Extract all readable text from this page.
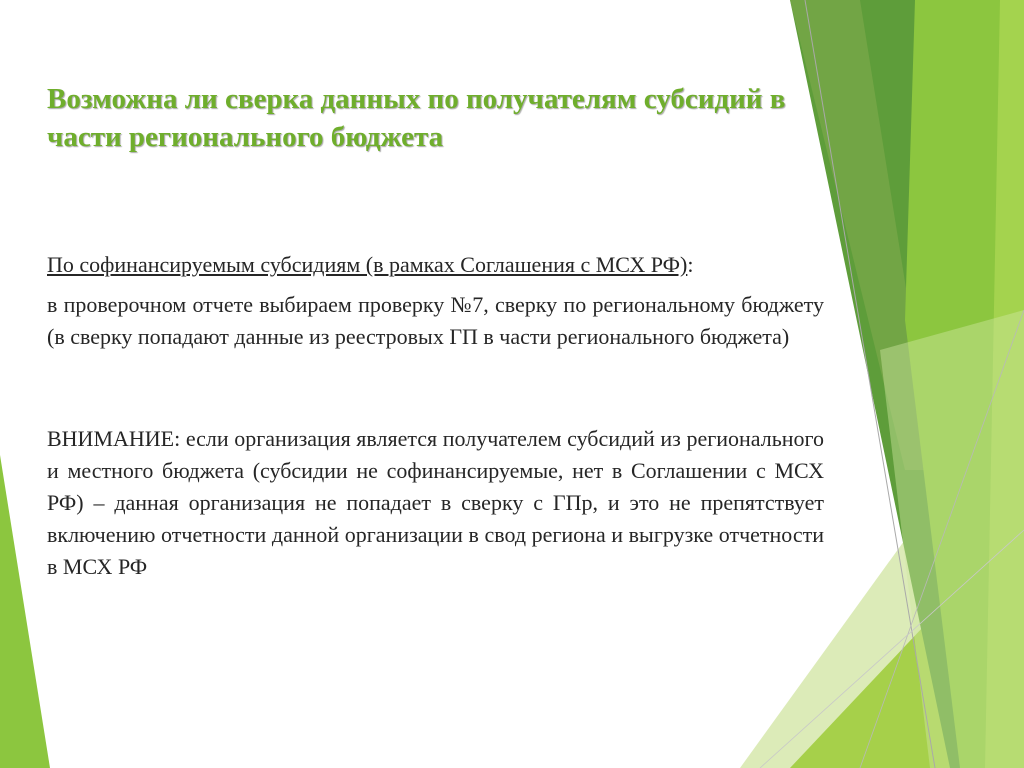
Возможна ли сверка данных по получателям субсидий в части регионального бюджета

По софинансируемым субсидиям (в рамках Соглашения с МСХ РФ):

в проверочном отчете выбираем проверку №7, сверку по региональному бюджету (в сверку попадают данные из реестровых ГП в части регионального бюджета)

ВНИМАНИЕ: если организация является получателем субсидий из регионального и местного бюджета (субсидии не софинансируемые, нет в Соглашении с МСХ РФ) – данная организация не попадает в сверку с ГПр, и это не препятствует включению отчетности данной организации в свод региона и выгрузке отчетности в МСХ РФ
